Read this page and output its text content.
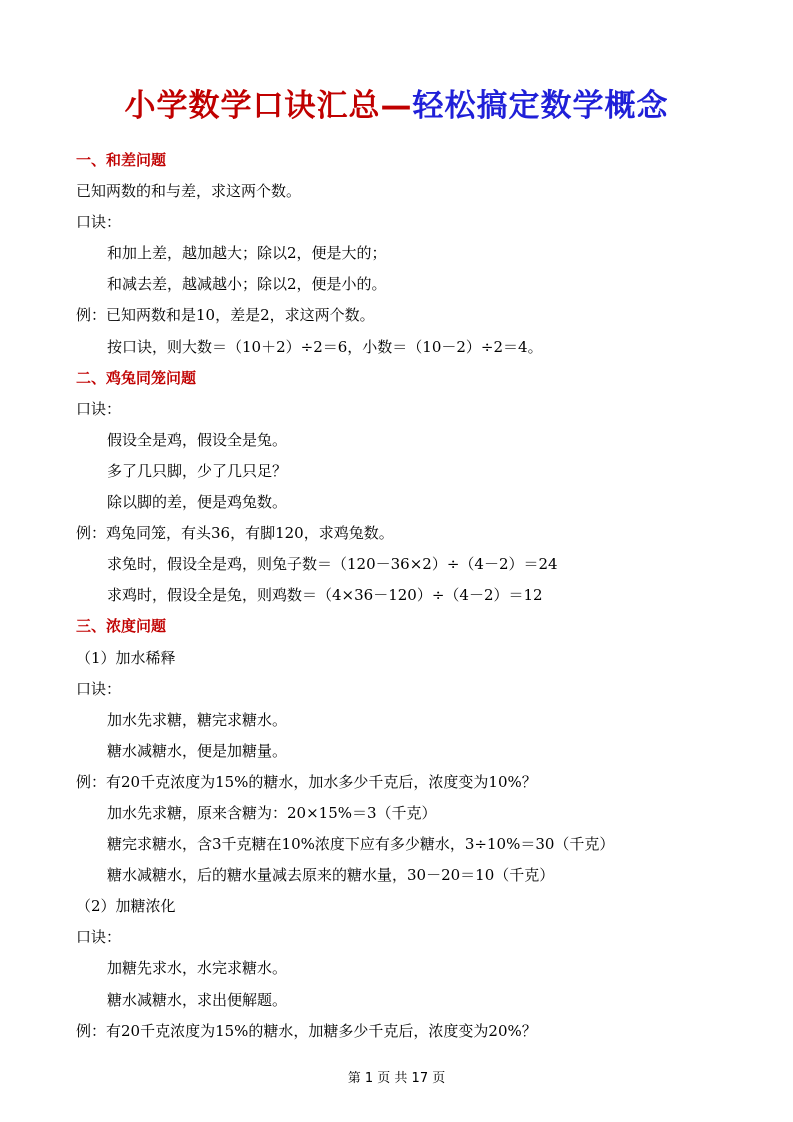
小学数学口诀汇总—轻松搞定数学概念
一、和差问题
已知两数的和与差，求这两个数。
口诀：
和加上差，越加越大；除以2，便是大的；
和减去差，越减越小；除以2，便是小的。
例：已知两数和是10，差是2，求这两个数。
按口诀，则大数＝（10＋2）÷2＝6，小数＝（10－2）÷2＝4。
二、鸡兔同笼问题
口诀：
假设全是鸡，假设全是兔。
多了几只脚，少了几只足？
除以脚的差，便是鸡兔数。
例：鸡兔同笼，有头36，有脚120，求鸡兔数。
求兔时，假设全是鸡，则兔子数＝（120－36×2）÷（4－2）＝24
求鸡时，假设全是兔，则鸡数＝（4×36－120）÷（4－2）＝12
三、浓度问题
（1）加水稀释
口诀：
加水先求糖，糖完求糖水。
糖水减糖水，便是加糖量。
例：有20千克浓度为15%的糖水，加水多少千克后，浓度变为10%？
加水先求糖，原来含糖为：20×15%＝3（千克）
糖完求糖水，含3千克糖在10%浓度下应有多少糖水，3÷10%＝30（千克）
糖水减糖水，后的糖水量减去原来的糖水量，30－20＝10（千克）
（2）加糖浓化
口诀：
加糖先求水，水完求糖水。
糖水减糖水，求出便解题。
例：有20千克浓度为15%的糖水，加糖多少千克后，浓度变为20%？
第 1 页 共 17 页
